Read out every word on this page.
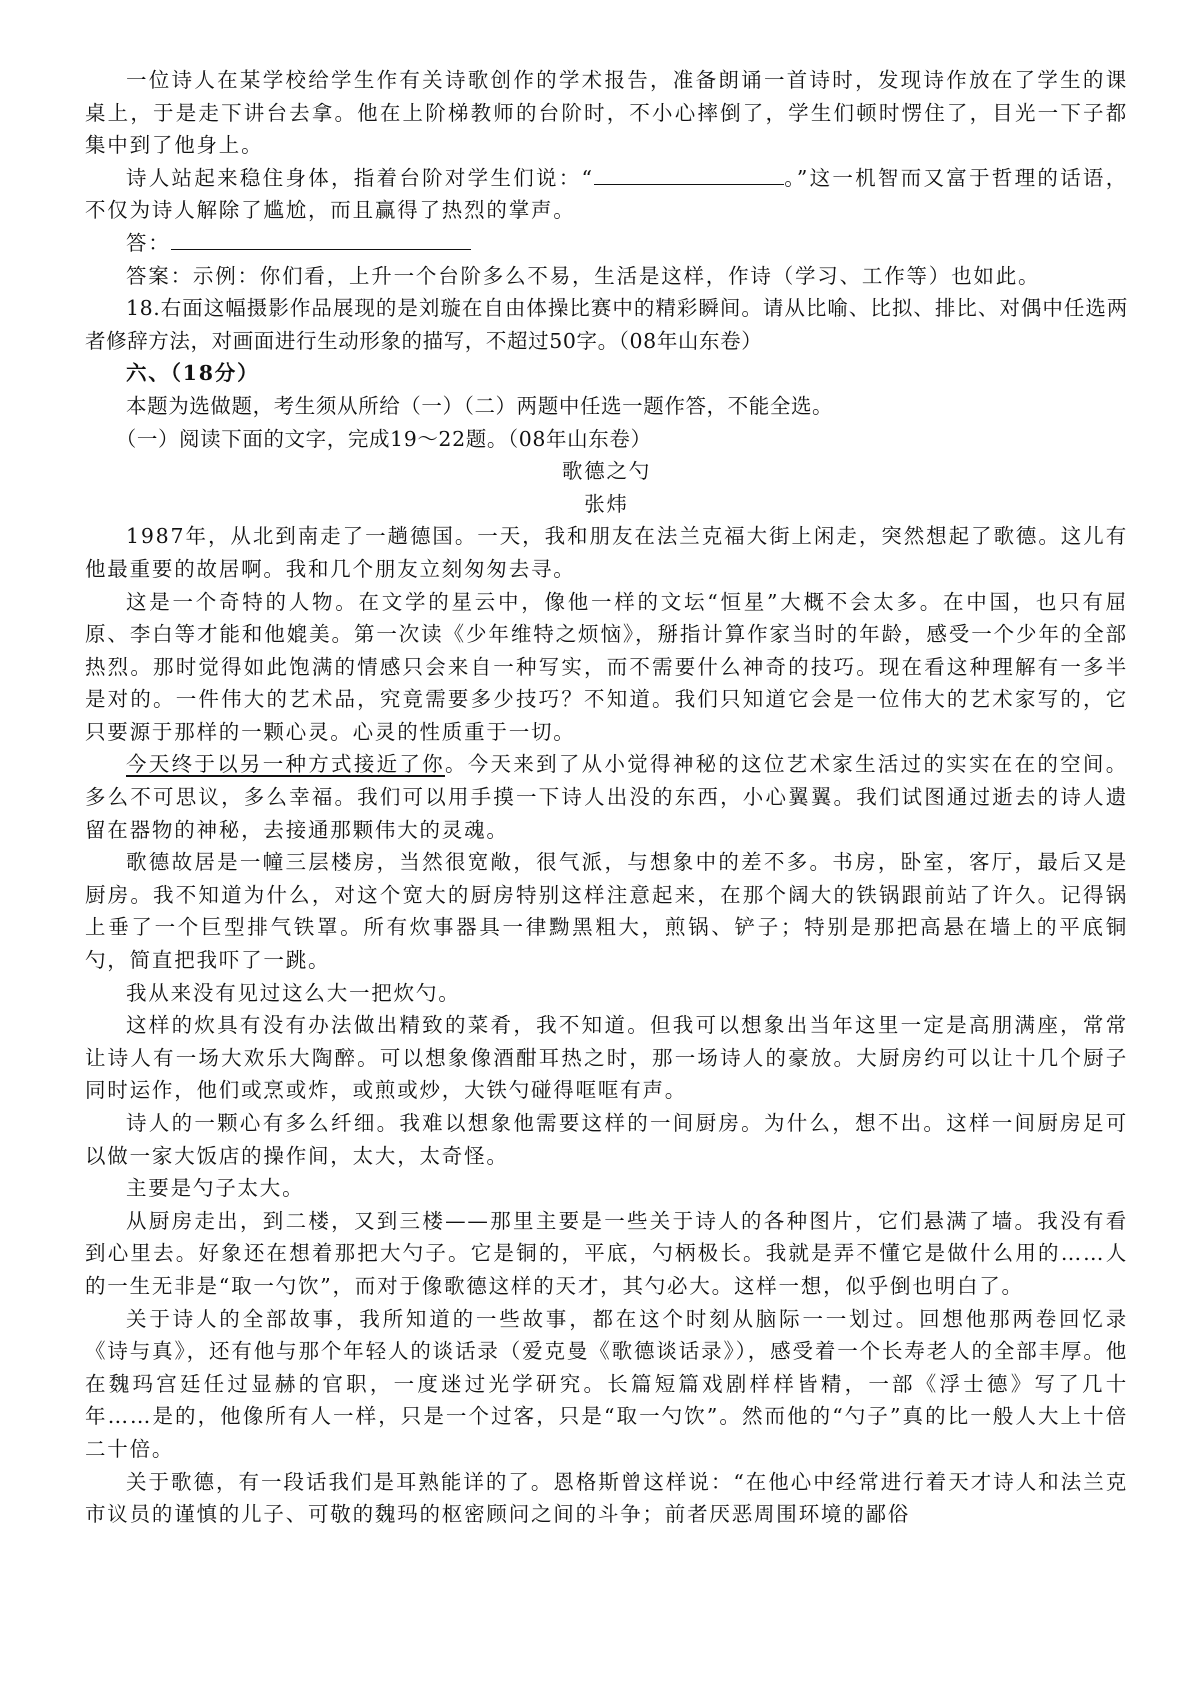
一位诗人在某学校给学生作有关诗歌创作的学术报告，准备朗诵一首诗时，发现诗作放在了学生的课桌上，于是走下讲台去拿。他在上阶梯教师的台阶时，不小心摔倒了，学生们顿时愣住了，目光一下子都集中到了他身上。

诗人站起来稳住身体，指着台阶对学生们说：“	。”这一机智而又富于哲理的话语，不仅为诗人解除了尴尬，而且赢得了热烈的掌声。

答：

答案：示例：你们看，上升一个台阶多么不易，生活是这样，作诗（学习、工作等）也如此。

18.右面这幅摄影作品展现的是刘璇在自由体操比赛中的精彩瞬间。请从比喻、比拟、排比、对偶中任选两者修辞方法，对画面进行生动形象的描写，不超过50字。（08年山东卷）

六、（18分）

本题为选做题，考生须从所给（一）（二）两题中任选一题作答，不能全选。

（一）阅读下面的文字，完成19～22题。（08年山东卷）

歌德之勺

张炜

1987年，从北到南走了一趟德国。一天，我和朋友在法兰克福大街上闲走，突然想起了歌德。这儿有他最重要的故居啊。我和几个朋友立刻匆匆去寻。

这是一个奇特的人物。在文学的星云中，像他一样的文坛“恒星”大概不会太多。在中国，也只有屈原、李白等才能和他媲美。第一次读《少年维特之烦恼》，掰指计算作家当时的年龄，感受一个少年的全部热烈。那时觉得如此饱满的情感只会来自一种写实，而不需要什么神奇的技巧。现在看这种理解有一多半是对的。一件伟大的艺术品，究竟需要多少技巧？不知道。我们只知道它会是一位伟大的艺术家写的，它只要源于那样的一颗心灵。心灵的性质重于一切。

今天终于以另一种方式接近了你。今天来到了从小觉得神秘的这位艺术家生活过的实实在在的空间。多么不可思议，多么幸福。我们可以用手摸一下诗人出没的东西，小心翼翼。我们试图通过逝去的诗人遗留在器物的神秘，去接通那颗伟大的灵魂。

歌德故居是一幢三层楼房，当然很宽敞，很气派，与想象中的差不多。书房，卧室，客厅，最后又是厨房。我不知道为什么，对这个宽大的厨房特别这样注意起来，在那个阔大的铁锅跟前站了许久。记得锅上垂了一个巨型排气铁罩。所有炊事器具一律黝黑粗大，煎锅、铲子；特别是那把高悬在墙上的平底铜勺，简直把我吓了一跳。

我从来没有见过这么大一把炊勺。

这样的炊具有没有办法做出精致的菜肴，我不知道。但我可以想象出当年这里一定是高朋满座，常常让诗人有一场大欢乐大陶醉。可以想象像酒酣耳热之时，那一场诗人的豪放。大厨房约可以让十几个厨子同时运作，他们或烹或炸，或煎或炒，大铁勺碰得哐哐有声。

诗人的一颗心有多么纤细。我难以想象他需要这样的一间厨房。为什么，想不出。这样一间厨房足可以做一家大饭店的操作间，太大，太奇怪。

主要是勺子太大。

从厨房走出，到二楼，又到三楼——那里主要是一些关于诗人的各种图片，它们悬满了墙。我没有看到心里去。好象还在想着那把大勺子。它是铜的，平底，勺柄极长。我就是弄不懂它是做什么用的……人的一生无非是“取一勺饮”，而对于像歌德这样的天才，其勺必大。这样一想，似乎倒也明白了。

关于诗人的全部故事，我所知道的一些故事，都在这个时刻从脑际一一划过。回想他那两卷回忆录《诗与真》，还有他与那个年轻人的谈话录（爱克曼《歌德谈话录》），感受着一个长寿老人的全部丰厚。他在魏玛宫廷任过显赫的官职，一度迷过光学研究。长篇短篇戏剧样样皆精，一部《浮士德》写了几十年……是的，他像所有人一样，只是一个过客，只是“取一勺饮”。然而他的“勺子”真的比一般人大上十倍二十倍。

关于歌德，有一段话我们是耳熟能详的了。恩格斯曾这样说：“在他心中经常进行着天才诗人和法兰克市议员的谨慎的儿子、可敬的魏玛的枢密顾问之间的斗争；前者厌恶周围环境的鄙俗
